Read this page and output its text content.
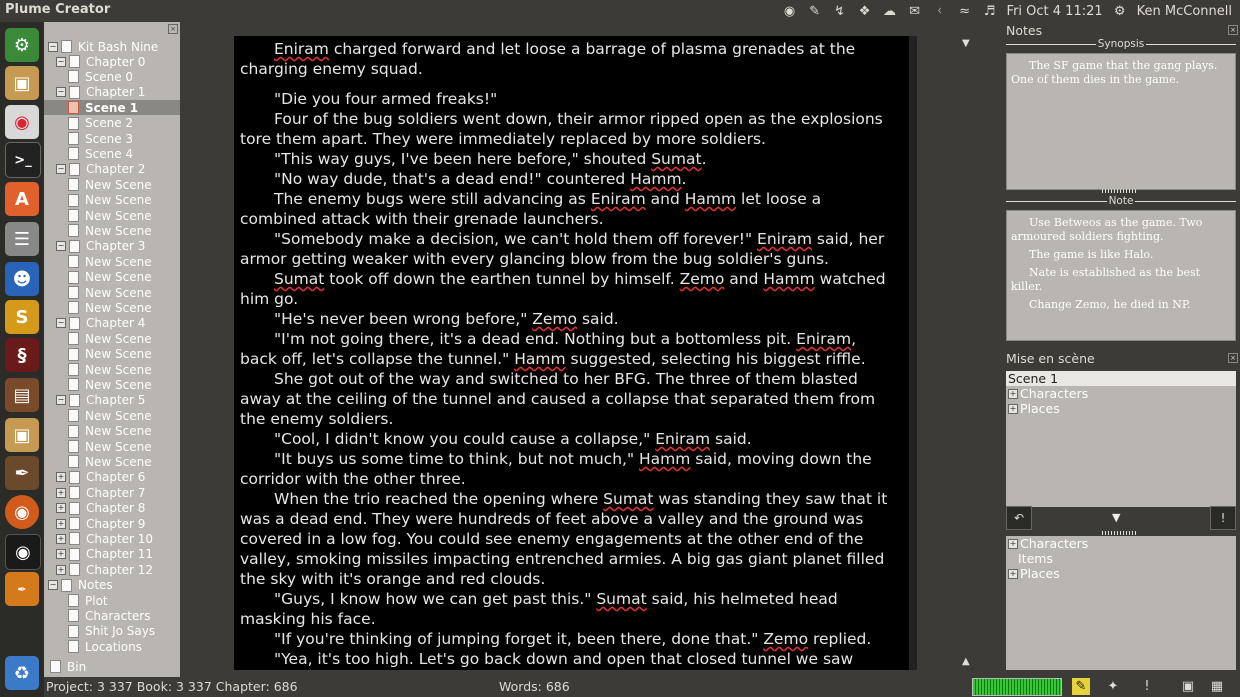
Plume Creator	◉ ✎ ↯ ❖ ☁ ✉	ᚲ	≈ ♬ Fri Oct 4 11:21 ⚙ Ken McConnell
⚙
▣
◉
>_
A
☰
☻
S
§
▤
▣
✒
◉
◉
✒
♻
×
− Kit Bash Nine
− Chapter 0
Scene 0
− Chapter 1
Scene 1
Scene 2
Scene 3
Scene 4
− Chapter 2
New Scene
New Scene
New Scene
New Scene
− Chapter 3
New Scene
New Scene
New Scene
New Scene
− Chapter 4
New Scene
New Scene
New Scene
New Scene
− Chapter 5
New Scene
New Scene
New Scene
New Scene
+ Chapter 6
+ Chapter 7
+ Chapter 8
+ Chapter 9
+ Chapter 10
+ Chapter 11
+ Chapter 12
− Notes
Plot
Characters
Shit Jo Says
Locations
Bin

Eniram charged forward and let loose a barrage of plasma grenades at the charging enemy squad.

"Die you four armed freaks!"

Four of the bug soldiers went down, their armor ripped open as the explosions tore them apart. They were immediately replaced by more soldiers.

"This way guys, I've been here before," shouted Sumat.

"No way dude, that's a dead end!" countered Hamm.

The enemy bugs were still advancing as Eniram and Hamm let loose a combined attack with their grenade launchers.

"Somebody make a decision, we can't hold them off forever!" Eniram said, her armor getting weaker with every glancing blow from the bug soldier's guns.

Sumat took off down the earthen tunnel by himself. Zemo and Hamm watched him go.

"He's never been wrong before," Zemo said.

"I'm not going there, it's a dead end. Nothing but a bottomless pit. Eniram, back off, let's collapse the tunnel." Hamm suggested, selecting his biggest riffle.

She got out of the way and switched to her BFG. The three of them blasted away at the ceiling of the tunnel and caused a collapse that separated them from the enemy soldiers.

"Cool, I didn't know you could cause a collapse," Eniram said.

"It buys us some time to think, but not much," Hamm said, moving down the corridor with the other three.

When the trio reached the opening where Sumat was standing they saw that it was a dead end. They were hundreds of feet above a valley and the ground was covered in a low fog. You could see enemy engagements at the other end of the valley, smoking missiles impacting entrenched armies. A big gas giant planet filled the sky with it's orange and red clouds.

"Guys, I know how we can get past this." Sumat said, his helmeted head masking his face.

"If you're thinking of jumping forget it, been there, done that." Zemo replied.

"Yea, it's too high. Let's go back down and open that closed tunnel we saw

▼
▲
Notes	×
Synopsis

The SF game that the gang plays. One of them dies in the game.

Note

Use Betweos as the game. Two armoured soldiers fighting.

The game is like Halo.

Nate is established as the best killer.

Change Zemo, he died in NP.

Mise en scène	×
Scene 1
+ Characters
+ Places
↶	▼	!
+ Characters
Items
+ Places
Project: 3 337 Book: 3 337 Chapter: 686	Words: 686	✎ ✦	!	▣ ▦
